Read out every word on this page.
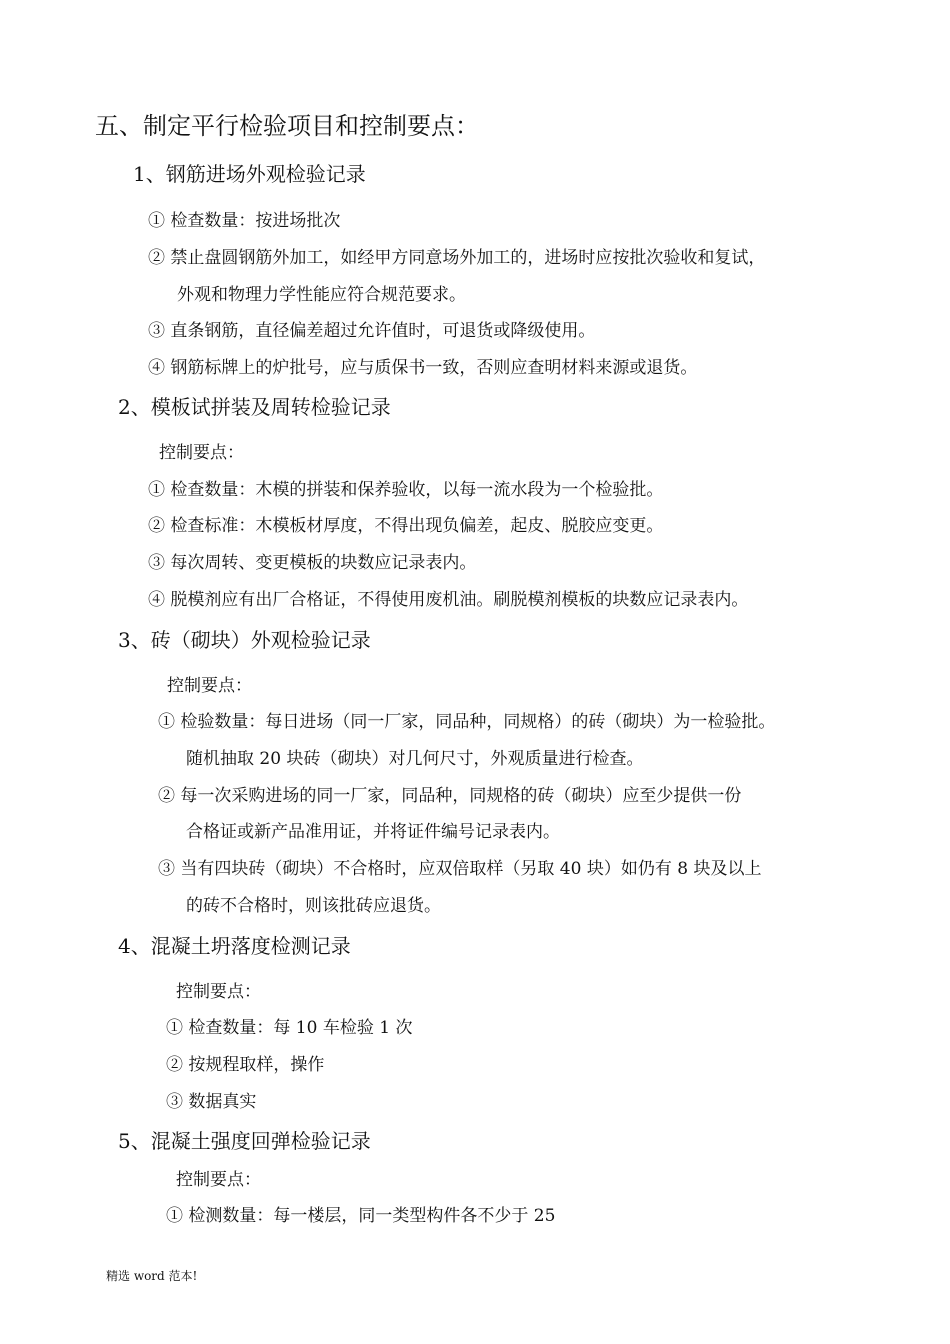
五、制定平行检验项目和控制要点：
1、钢筋进场外观检验记录
① 检查数量：按进场批次
② 禁止盘圆钢筋外加工，如经甲方同意场外加工的，进场时应按批次验收和复试，
外观和物理力学性能应符合规范要求。
③ 直条钢筋，直径偏差超过允许值时，可退货或降级使用。
④ 钢筋标牌上的炉批号，应与质保书一致，否则应查明材料来源或退货。
2、模板试拼装及周转检验记录
控制要点：
① 检查数量：木模的拼装和保养验收，以每一流水段为一个检验批。
② 检查标准：木模板材厚度，不得出现负偏差，起皮、脱胶应变更。
③ 每次周转、变更模板的块数应记录表内。
④ 脱模剂应有出厂合格证，不得使用废机油。刷脱模剂模板的块数应记录表内。
3、砖（砌块）外观检验记录
控制要点：
① 检验数量：每日进场（同一厂家，同品种，同规格）的砖（砌块）为一检验批。
随机抽取 20 块砖（砌块）对几何尺寸，外观质量进行检查。
② 每一次采购进场的同一厂家，同品种，同规格的砖（砌块）应至少提供一份
合格证或新产品准用证，并将证件编号记录表内。
③ 当有四块砖（砌块）不合格时，应双倍取样（另取 40 块）如仍有 8 块及以上
的砖不合格时，则该批砖应退货。
4、混凝土坍落度检测记录
控制要点：
① 检查数量：每 10 车检验 1 次
② 按规程取样，操作
③ 数据真实
5、混凝土强度回弹检验记录
控制要点：
① 检测数量：每一楼层，同一类型构件各不少于 25
精选 word 范本!
